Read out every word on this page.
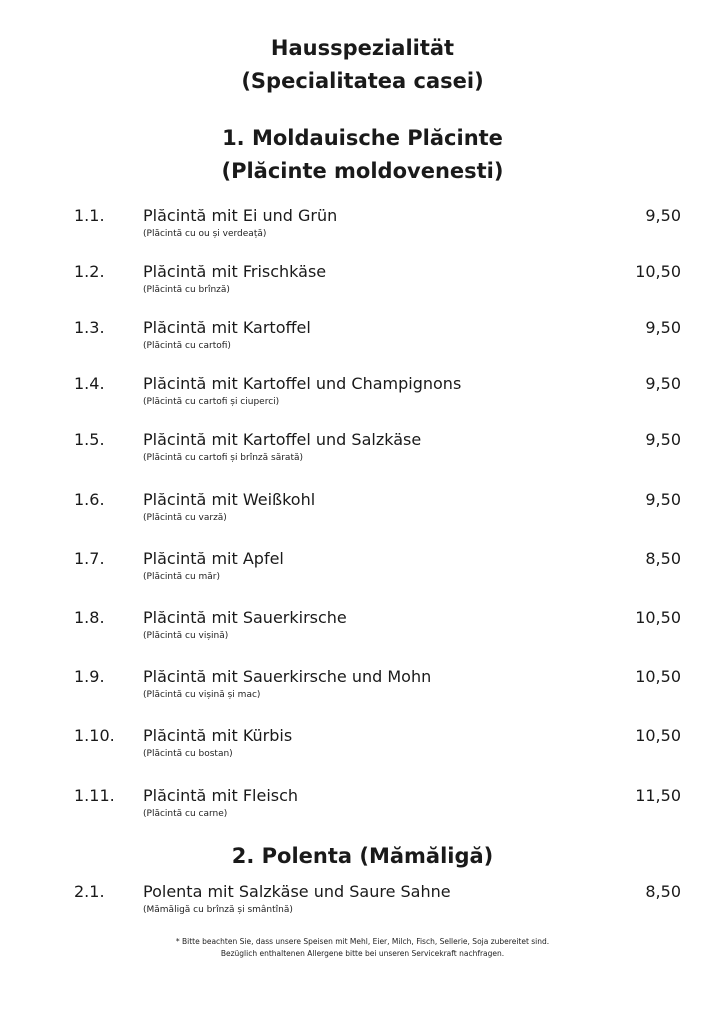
Hausspezialität
(Specialitatea casei)
1. Moldauische Plăcinte
(Plăcinte moldovenesti)
1.1. Plăcintă mit Ei und Grün
(Plăcintă cu ou și verdeață)
9,50
1.2. Plăcintă mit Frischkäse
(Plăcintă cu brînză)
10,50
1.3. Plăcintă mit Kartoffel
(Plăcintă cu cartofi)
9,50
1.4. Plăcintă mit Kartoffel und Champignons
(Plăcintă cu cartofi și ciuperci)
9,50
1.5. Plăcintă mit Kartoffel und Salzkäse
(Plăcintă cu cartofi și brînză sărată)
9,50
1.6. Plăcintă mit Weißkohl
(Plăcintă cu varză)
9,50
1.7. Plăcintă mit Apfel
(Plăcintă cu măr)
8,50
1.8. Plăcintă mit Sauerkirsche
(Plăcintă cu vișină)
10,50
1.9. Plăcintă mit Sauerkirsche und Mohn
(Plăcintă cu vișină și mac)
10,50
1.10. Plăcintă mit Kürbis
(Plăcintă cu bostan)
10,50
1.11. Plăcintă mit Fleisch
(Plăcintă cu carne)
11,50
2. Polenta (Mămăligă)
2.1. Polenta mit Salzkäse und Saure Sahne
(Mămăligă cu brînză și smântînă)
8,50
* Bitte beachten Sie, dass unsere Speisen mit Mehl, Eier, Milch, Fisch, Sellerie, Soja zubereitet sind.
Bezüglich enthaltenen Allergene bitte bei unseren Servicekraft nachfragen.
